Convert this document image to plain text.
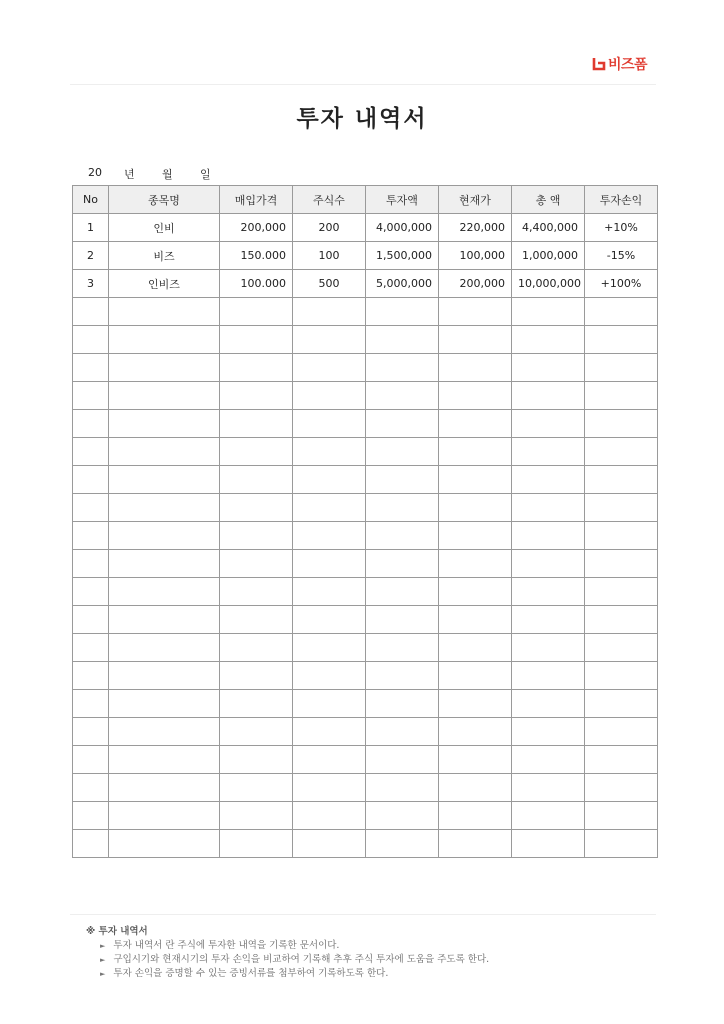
비즈폼
투자 내역서
20	년	월	일
No	종목명	매입가격	주식수	투자액	현재가	총 액	투자손익
1	인비	200,000	200	4,000,000	220,000	4,400,000	+10%
2	비즈	150.000	100	1,500,000	100,000	1,000,000	-15%
3	인비즈	100.000	500	5,000,000	200,000	10,000,000	+100%

※ 투자 내역서
► 투자 내역서 란 주식에 투자한 내역을 기록한 문서이다.
► 구입시기와 현재시기의 투자 손익을 비교하여 기록해 추후 주식 투자에 도움을 주도록 한다.
► 투자 손익을 증명할 수 있는 증빙서류를 첨부하여 기록하도록 한다.
